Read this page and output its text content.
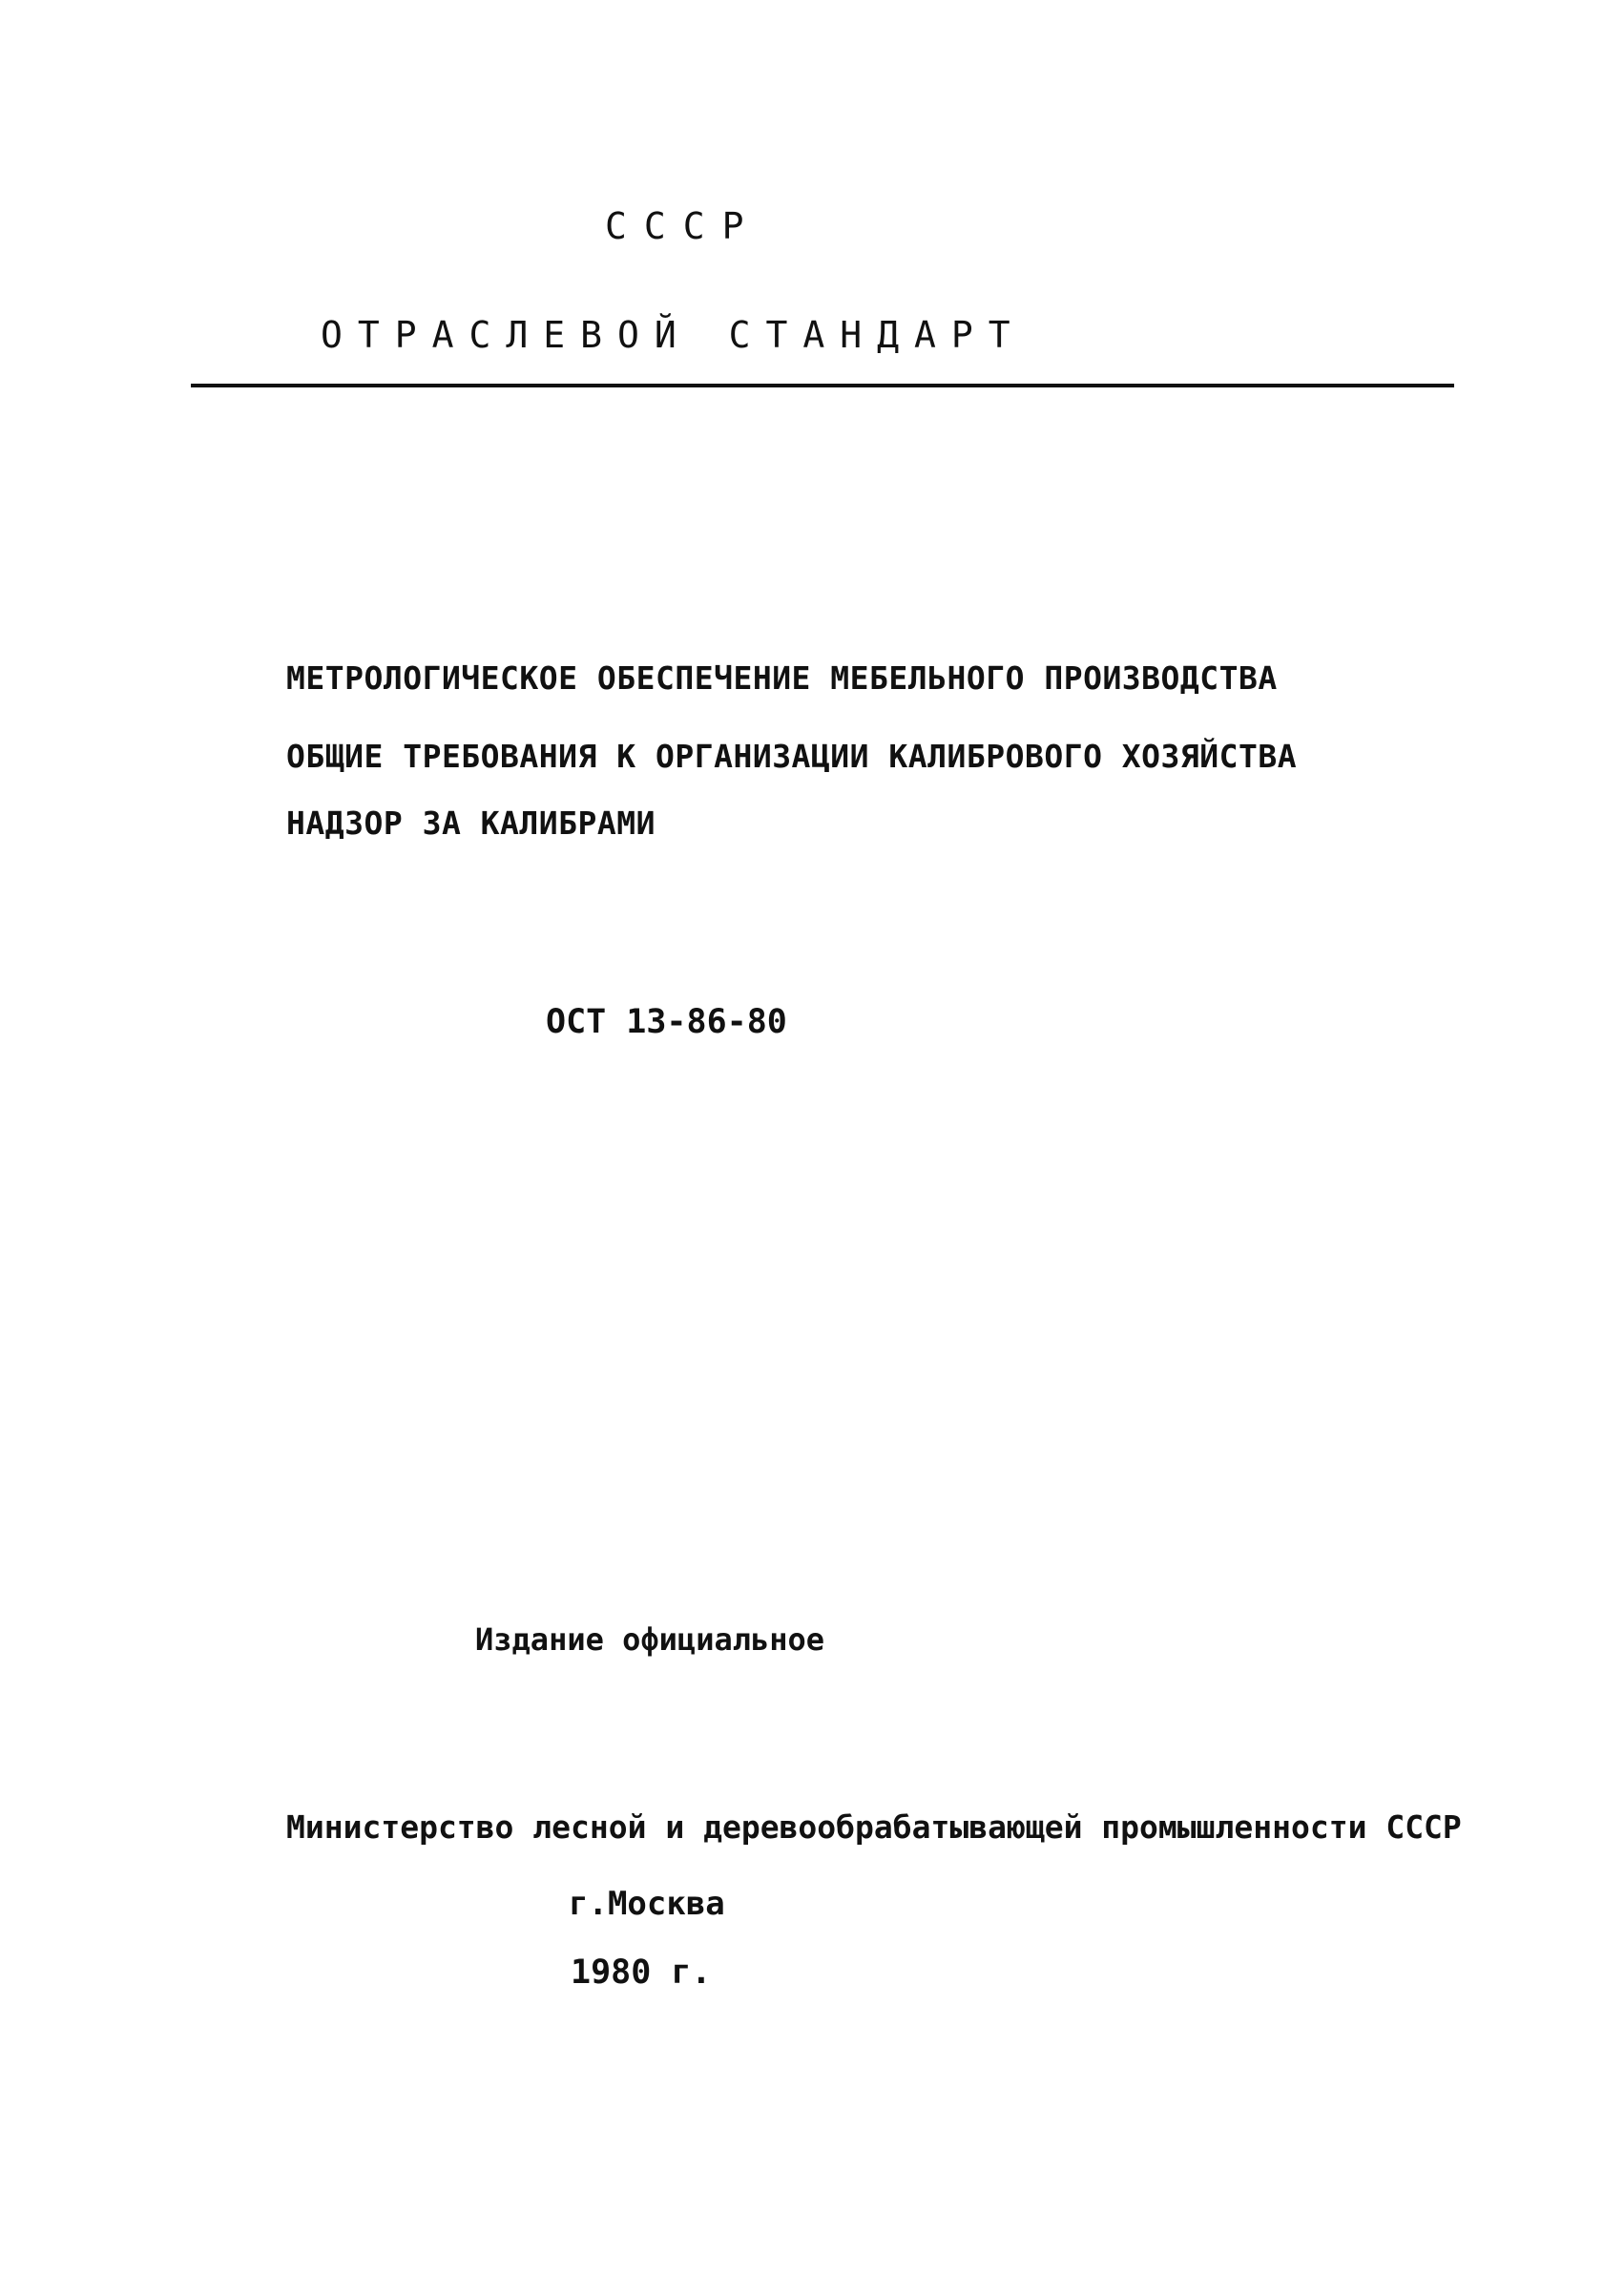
СССР

ОТРАСЛЕВОЙ СТАНДАРТ

МЕТРОЛОГИЧЕСКОЕ ОБЕСПЕЧЕНИЕ МЕБЕЛЬНОГО ПРОИЗВОДСТВА

ОБЩИЕ ТРЕБОВАНИЯ К ОРГАНИЗАЦИИ КАЛИБРОВОГО ХОЗЯЙСТВА

НАДЗОР ЗА КАЛИБРАМИ

ОСТ 13-86-80

Издание официальное

Министерство лесной и деревообрабатывающей промышленности СССР

г.Москва

1980 г.
